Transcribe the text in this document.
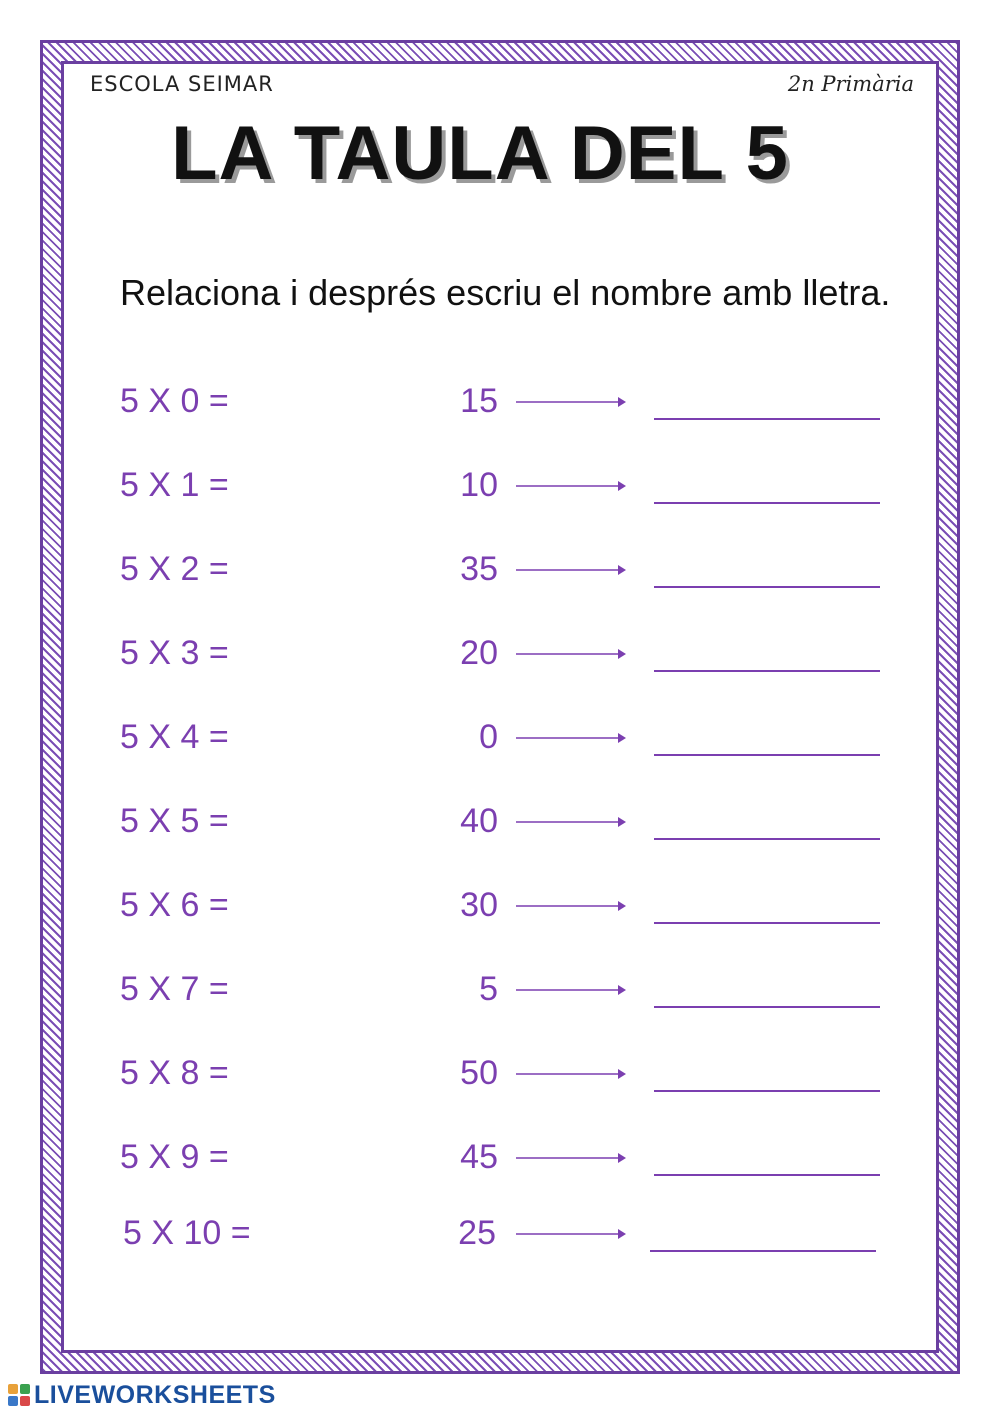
ESCOLA SEIMAR	2n Primària
LA TAULA DEL 5
Relaciona i després escriu el nombre amb lletra.
5 X 0 =	15
5 X 1 =	10
5 X 2 =	35
5 X 3 =	20
5 X 4 =	0
5 X 5 =	40
5 X 6 =	30
5 X 7 =	5
5 X 8 =	50
5 X 9 =	45
5 X 10 =	25
LIVEWORKSHEETS
